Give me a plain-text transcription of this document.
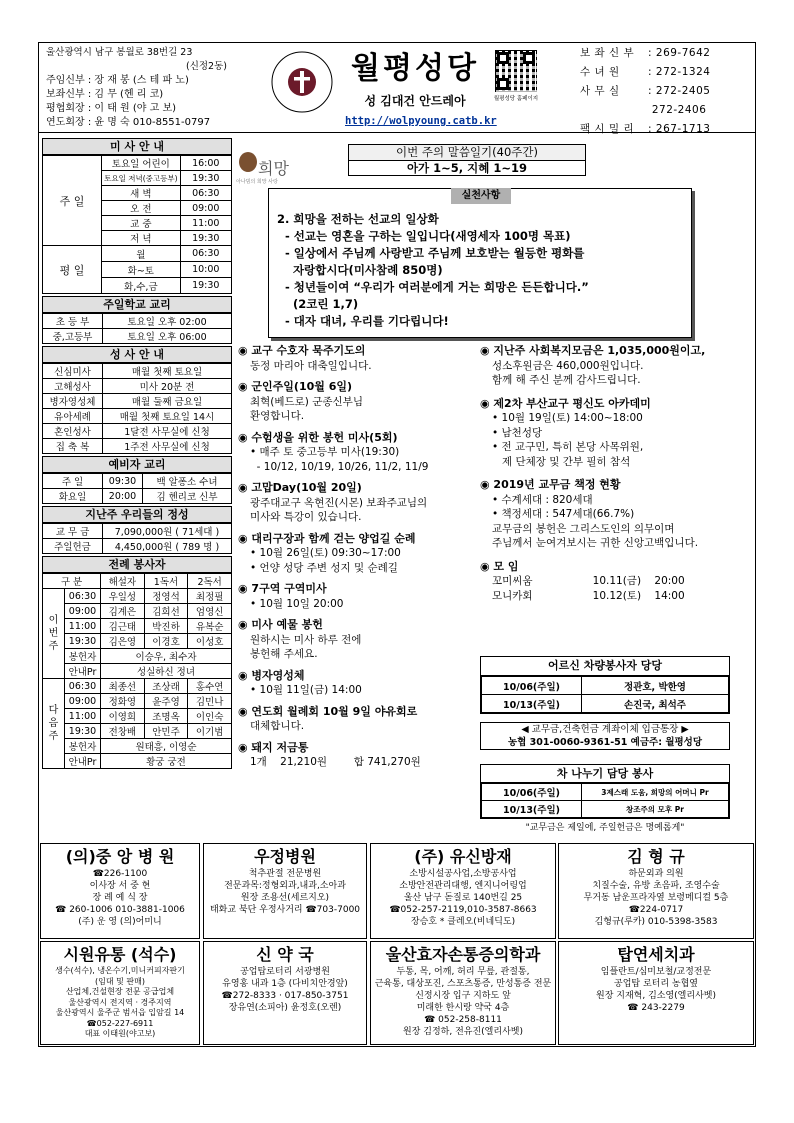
울산광역시 남구 봉월로 38번길 23
(신정2동)
주임신부 : 장 재 봉 (스 테 파 노)
보좌신부 : 김 무 (헨 리 코)
평협회장 : 이 태 원 (야 고 보)
연도회장 : 윤 명 숙 010-8551-0797
월평성당
성 김대건 안드레아
http://wolpyoung.catb.kr
월평성당 홈페이지
보 좌 신 부 : 269-7642
수 녀 원	: 272-1324
사 무 실	: 272-2405
272-2406
팩 시 밀 리 : 267-1713
미 사 안 내
주 일	토요일 어린이	16:00
	토요일 저녁(중고등부)	19:30
	새 벽	06:30
	오 전	09:00
	교 중	11:00
	저 녁	19:30
평 일	월	06:30
	화~토	10:00
	화,수,금	19:30
주일학교 교리
초 등 부	토요일 오후 02:00
중,고등부	토요일 오후 06:00
성 사 안 내
신심미사	매월 첫째 토요일
고해성사	미사 20분 전
병자영성체	매월 둘째 금요일
유아세례	매월 첫째 토요일 14시
혼인성사	1달전 사무실에 신청
집 축 복	1주전 사무실에 신청
예비자 교리
주 일	09:30	백 알퐁소 수녀
화요일	20:00	김 헨리코 신부
지난주 우리들의 정성
교 무 금	7,090,000원 ( 71세대 )
주일헌금	4,450,000원 ( 789 명 )
전례 봉사자
구 분		해설자	1독서	2독서
이
번
주	06:30	우일성	정영석	최정필
	09:00	김계은	김희선	엄영신
	11:00	김근태	박진하	유복순
	19:30	김은영	이경호	이성호
	봉헌자	이승우, 최수자		
	안내Pr	성실하신 정녀		
다
음
주	06:30	최종선	조상래	홍수연
	09:00	정화영	윤주영	김민나
	11:00	이영희	조명옥	이인숙
	19:30	전창배	안민주	이기범
	봉헌자	원태흥, 이영순		
	안내Pr	황궁 궁전		
희망
아나빔의 희망 사랑
이번 주의 말씀일기(40주간)
아가 1~5, 지혜 1~19
실천사항
2. 희망을 전하는 선교의 일상화
- 선교는 영혼을 구하는 일입니다(새영세자 100명 목표)
- 일상에서 주님께 사랑받고 주님께 보호받는 월등한 평화를
자랑합시다(미사참례 850명)
- 청년들이여 “우리가 여러분에게 거는 희망은 든든합니다.”
(2코린 1,7)
- 대자 대녀, 우리를 기다립니다!
◉ 교구 수호자 묵주기도의
동정 마리아 대축일입니다.
◉ 군인주일(10월 6일)
최혁(베드로) 군종신부님
환영합니다.
◉ 수험생을 위한 봉헌 미사(5회)
• 매주 토 중고등부 미사(19:30)
- 10/12, 10/19, 10/26, 11/2, 11/9
◉ 고맙Day(10월 20일)
광주대교구 옥현진(시몬) 보좌주교님의
미사와 특강이 있습니다.
◉ 대리구장과 함께 걷는 양업길 순례
• 10월 26일(토) 09:30~17:00
• 언양 성당 주변 성지 및 순례길
◉ 7구역 구역미사
• 10월 10일 20:00
◉ 미사 예물 봉헌
원하시는 미사 하루 전에
봉헌해 주세요.
◉ 병자영성체
• 10월 11일(금) 14:00
◉ 연도회 월례회 10월 9일 야유회로
대체합니다.
◉ 돼지 저금통
1개    21,210원        합 741,270원
◉ 지난주 사회복지모금은 1,035,000원이고,
성소후원금은 460,000원입니다.
함께 해 주신 분께 감사드립니다.
◉ 제2차 부산교구 평신도 아카데미
• 10월 19일(토) 14:00~18:00
• 남천성당
• 전 교구민, 특히 본당 사목위원,
제 단체장 및 간부 필히 참석
◉ 2019년 교무금 책정 현황
• 수계세대 : 820세대
• 책정세대 : 547세대(66.7%)
교무금의 봉헌은 그리스도인의 의무이며
주님께서 눈여겨보시는 귀한 신앙고백입니다.
◉ 모 임
꼬미씨움                  10.11(금)    20:00
모니카회                  10.12(토)    14:00
어르신 차량봉사자 당당
10/06(주일)	정관호, 박한영
10/13(주일)	손진국, 최석주
◀ 교무금,건축헌금 계좌이체 입금통장 ▶
농협 301-0060-9361-51 예금주: 월평성당
차 나누기 담당 봉사
10/06(주일)	3제스래 도움, 희망의 어머니 Pr
10/13(주일)	창조주의 모후 Pr
"교무금은 제일에, 주일헌금은 명예롭게"
(의)중 앙 병 원
☎226-1100
이사장 서 중 현
장 례 예 식 장
☎ 260-1006 010-3881-1006
(주) 운 영 (의)어미니
우정병원
척추관절 전문병원
전문과목:정형외과,내과,소아과
원장 조용선(세르지오)
태화교 북단 우정사거리 ☎703-7000
(주) 유신방재
소방시설공사업,소방공사업
소방안전관리대행, 엔지니어링업
울산 남구 돋질로 140번길 25
☎052-257-2119,010-3587-8663
장승호 * 클레오(비네딕도)
김 형 규
하문외과 의원
치질수술, 유방 초음파, 조영수술
무거동 남운프라자옆 보령메디컬 5층
☎224-0717
김형규(루카) 010-5398-3583
시원유통 (석수)
생수(석수), 냉온수기,미니커피자판기
(임대 및 판매)
산업체,건설현장 전문 공급업체
울산광역시 전지역 · 경주지역
울산광역시 울주군 범서읍 입암길 14
☎052-227-6911
대표 이태원(야고보)
신 약 국
공업탑로터리 서광병원
유영홍 내과 1층 (다비치안경앞)
☎272-8333 · 017-850-3751
장유연(소피아) 윤정호(오렌)
울산효자손통증의학과
두통, 목, 어깨, 허리 무릎, 관절통,
근육통, 대상포진, 스포츠통증, 만성통증 전문
신정시장 입구 지하도 앞
미래한 한시랑 약국 4층
☎ 052-258-8111
원장 김정하, 전유진(엘리사벳)
탑연세치과
임플란트/심미보철/교정전문
공업탑 로터리 농협옆
원장 지재혁, 김소영(엘리사벳)
☎ 243-2279
